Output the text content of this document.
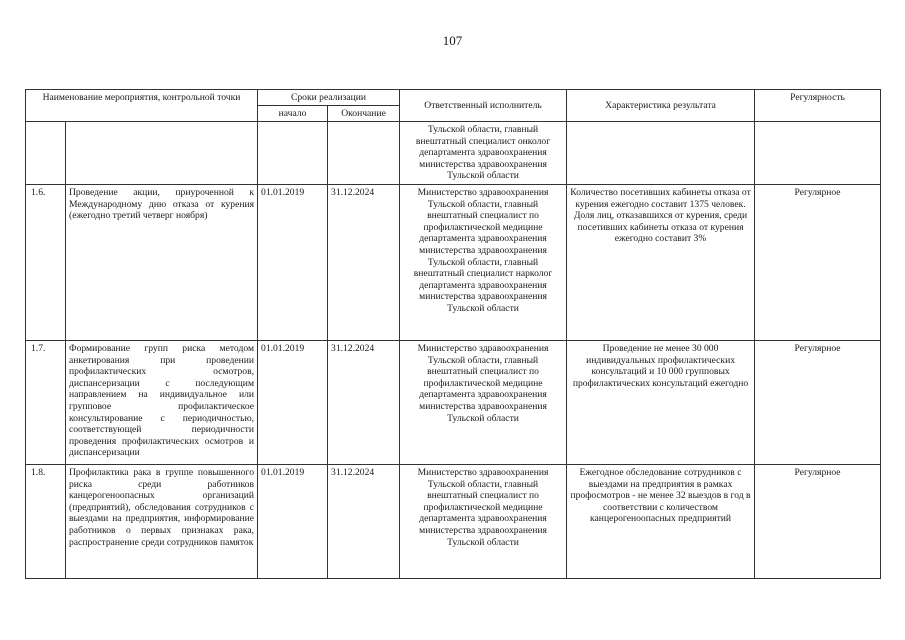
107
Наименование мероприятия, контрольной точки		Сроки реализации		Ответственный исполнитель	Характеристика результата	Регулярность
		начало	Окончание			
				Тульской области, главный внештатный специалист онколог департамента здравоохранения министерства здравоохранения Тульской области		
1.6.	Проведение акции, приуроченной к Международному дню отказа от курения (ежегодно третий четверг ноября)	01.01.2019	31.12.2024	Министерство здравоохранения Тульской области, главный внештатный специалист по профилактической медицине департамента здравоохранения министерства здравоохранения Тульской области, главный внештатный специалист нарколог департамента здравоохранения министерства здравоохранения Тульской области	Количество посетивших кабинеты отказа от курения ежегодно составит 1375 человек. Доля лиц, отказавшихся от курения, среди посетивших кабинеты отказа от курения ежегодно составит 3%	Регулярное
1.7.	Формирование групп риска методом анкетирования при проведении профилактических осмотров, диспансеризации с последующим направлением на индивидуальное или групповое профилактическое консультирование с периодичностью, соответствующей периодичности проведения профилактических осмотров и диспансеризации	01.01.2019	31.12.2024	Министерство здравоохранения Тульской области, главный внештатный специалист по профилактической медицине департамента здравоохранения министерства здравоохранения Тульской области	Проведение не менее 30 000 индивидуальных профилактических консультаций и 10 000 групповых профилактических консультаций ежегодно	Регулярное
1.8.	Профилактика рака в группе повышенного риска среди работников канцерогеноопасных организаций (предприятий), обследования сотрудников с выездами на предприятия, информирование работников о первых признаках рака, распространение среди сотрудников памяток	01.01.2019	31.12.2024	Министерство здравоохранения Тульской области, главный внештатный специалист по профилактической медицине департамента здравоохранения министерства здравоохранения Тульской области	Ежегодное обследование сотрудников с выездами на предприятия в рамках профосмотров - не менее 32 выездов в год в соответствии с количеством канцерогеноопасных предприятий	Регулярное
